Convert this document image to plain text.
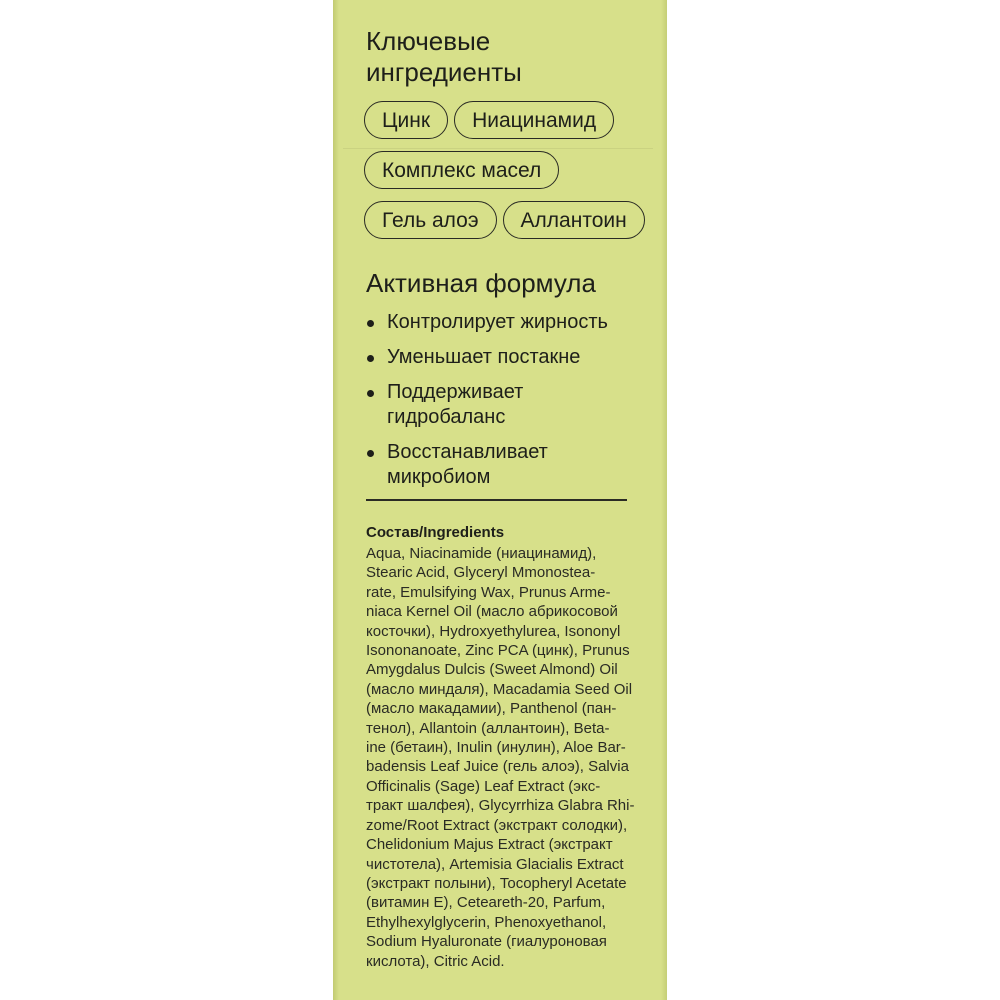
Ключевые ингредиенты
Цинк	Ниацинамид
Комплекс масел
Гель алоэ	Аллантоин
Активная формула
Контролирует жирность
Уменьшает постакне
Поддерживает
гидробаланс
Восстанавливает
микробиом
Состав/Ingredients
Aqua, Niacinamide (ниацинамид),
Stearic Acid, Glyceryl Mmonostea-
rate, Emulsifying Wax, Prunus Arme-
niaca Kernel Oil (масло абрикосовой
косточки), Hydroxyethylurea, Isononyl
Isononanoate, Zinc PCA (цинк), Prunus
Amygdalus Dulcis (Sweet Almond) Oil
(масло миндаля), Macadamia Seed Oil
(масло макадамии), Panthenol (пан-
тенол), Allantoin (аллантоин), Beta-
ine (бетаин), Inulin (инулин), Aloe Bar-
badensis Leaf Juice (гель алоэ), Salvia
Officinalis (Sage) Leaf Extract (экс-
тракт шалфея), Glycyrrhiza Glabra Rhi-
zome/Root Extract (экстракт солодки),
Chelidonium Majus Extract (экстракт
чистотела), Artemisia Glacialis Extract
(экстракт полыни), Tocopheryl Acetate
(витамин Е), Ceteareth-20, Parfum,
Ethylhexylglycerin, Phenoxyethanol,
Sodium Hyaluronate (гиалуроновая
кислота), Citric Acid.
